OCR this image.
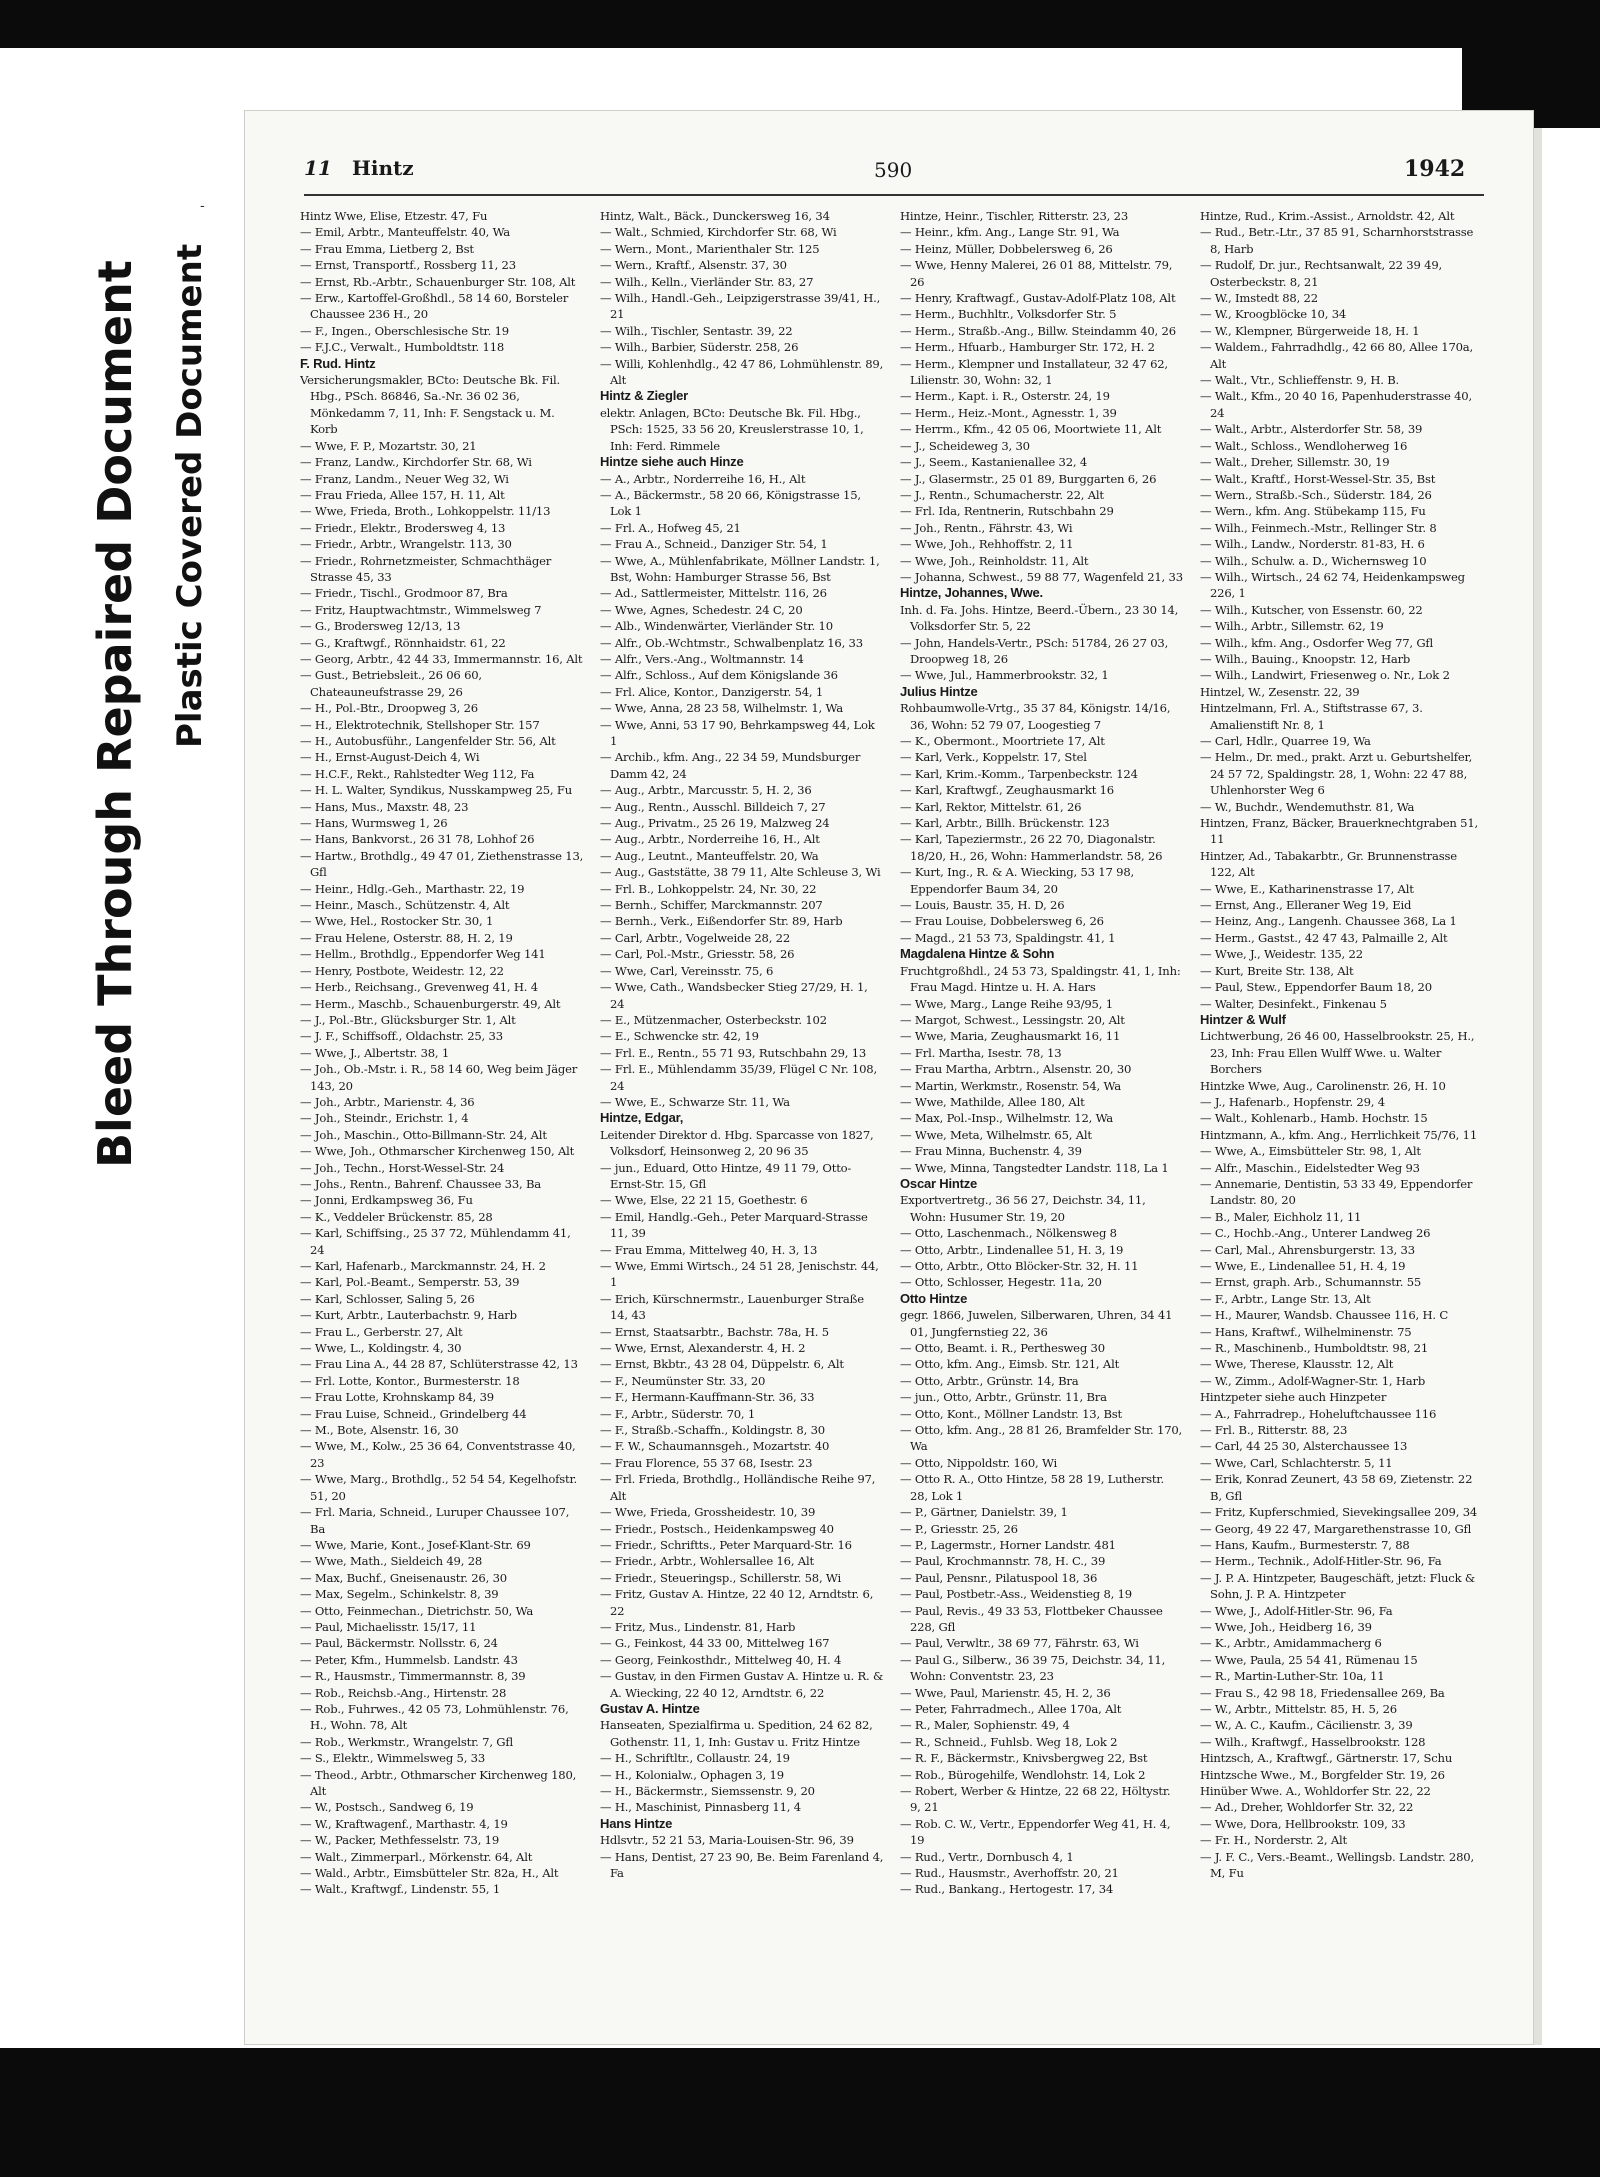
Bleed Through Repaired Document Plastic Covered Document
-
11 Hintz	590	1942
Hintz Wwe, Elise, Etzestr. 47, Fu
— Emil, Arbtr., Manteuffelstr. 40, Wa
— Frau Emma, Lietberg 2, Bst
— Ernst, Transportf., Rossberg 11, 23
— Ernst, Rb.-Arbtr., Schauenburger Str. 108, Alt
— Erw., Kartoffel-Großhdl., 58 14 60, Borsteler Chaussee 236 H., 20
— F., Ingen., Oberschlesische Str. 19
— F.J.C., Verwalt., Humboldtstr. 118
F. Rud. Hintz
Versicherungsmakler, BCto: Deutsche Bk. Fil. Hbg., PSch. 86846, Sa.-Nr. 36 02 36, Mönkedamm 7, 11, Inh: F. Sengstack u. M. Korb
— Wwe, F. P., Mozartstr. 30, 21
— Franz, Landw., Kirchdorfer Str. 68, Wi
— Franz, Landm., Neuer Weg 32, Wi
— Frau Frieda, Allee 157, H. 11, Alt
— Wwe, Frieda, Broth., Lohkoppelstr. 11/13
— Friedr., Elektr., Brodersweg 4, 13
— Friedr., Arbtr., Wrangelstr. 113, 30
— Friedr., Rohrnetzmeister, Schmachthäger Strasse 45, 33
— Friedr., Tischl., Grodmoor 87, Bra
— Fritz, Hauptwachtmstr., Wimmelsweg 7
— G., Brodersweg 12/13, 13
— G., Kraftwgf., Rönnhaidstr. 61, 22
— Georg, Arbtr., 42 44 33, Immermannstr. 16, Alt
— Gust., Betriebsleit., 26 06 60, Chateauneufstrasse 29, 26
— H., Pol.-Btr., Droopweg 3, 26
— H., Elektrotechnik, Stellshoper Str. 157
— H., Autobusführ., Langenfelder Str. 56, Alt
— H., Ernst-August-Deich 4, Wi
— H.C.F., Rekt., Rahlstedter Weg 112, Fa
— H. L. Walter, Syndikus, Nusskampweg 25, Fu
— Hans, Mus., Maxstr. 48, 23
— Hans, Wurmsweg 1, 26
— Hans, Bankvorst., 26 31 78, Lohhof 26
— Hartw., Brothdlg., 49 47 01, Ziethenstrasse 13, Gfl
— Heinr., Hdlg.-Geh., Marthastr. 22, 19
— Heinr., Masch., Schützenstr. 4, Alt
— Wwe, Hel., Rostocker Str. 30, 1
— Frau Helene, Osterstr. 88, H. 2, 19
— Hellm., Brothdlg., Eppendorfer Weg 141
— Henry, Postbote, Weidestr. 12, 22
— Herb., Reichsang., Grevenweg 41, H. 4
— Herm., Maschb., Schauenburgerstr. 49, Alt
— J., Pol.-Btr., Glücksburger Str. 1, Alt
— J. F., Schiffsoff., Oldachstr. 25, 33
— Wwe, J., Albertstr. 38, 1
— Joh., Ob.-Mstr. i. R., 58 14 60, Weg beim Jäger 143, 20
— Joh., Arbtr., Marienstr. 4, 36
— Joh., Steindr., Erichstr. 1, 4
— Joh., Maschin., Otto-Billmann-Str. 24, Alt
— Wwe, Joh., Othmarscher Kirchenweg 150, Alt
— Joh., Techn., Horst-Wessel-Str. 24
— Johs., Rentn., Bahrenf. Chaussee 33, Ba
— Jonni, Erdkampsweg 36, Fu
— K., Veddeler Brückenstr. 85, 28
— Karl, Schiffsing., 25 37 72, Mühlendamm 41, 24
— Karl, Hafenarb., Marckmannstr. 24, H. 2
— Karl, Pol.-Beamt., Semperstr. 53, 39
— Karl, Schlosser, Saling 5, 26
— Kurt, Arbtr., Lauterbachstr. 9, Harb
— Frau L., Gerberstr. 27, Alt
— Wwe, L., Koldingstr. 4, 30
— Frau Lina A., 44 28 87, Schlüterstrasse 42, 13
— Frl. Lotte, Kontor., Burmesterstr. 18
— Frau Lotte, Krohnskamp 84, 39
— Frau Luise, Schneid., Grindelberg 44
— M., Bote, Alsenstr. 16, 30
— Wwe, M., Kolw., 25 36 64, Conventstrasse 40, 23
— Wwe, Marg., Brothdlg., 52 54 54, Kegelhofstr. 51, 20
— Frl. Maria, Schneid., Luruper Chaussee 107, Ba
— Wwe, Marie, Kont., Josef-Klant-Str. 69
— Wwe, Math., Sieldeich 49, 28
— Max, Buchf., Gneisenaustr. 26, 30
— Max, Segelm., Schinkelstr. 8, 39
— Otto, Feinmechan., Dietrichstr. 50, Wa
— Paul, Michaelisstr. 15/17, 11
— Paul, Bäckermstr. Nollsstr. 6, 24
— Peter, Kfm., Hummelsb. Landstr. 43
— R., Hausmstr., Timmermannstr. 8, 39
— Rob., Reichsb.-Ang., Hirtenstr. 28
— Rob., Fuhrwes., 42 05 73, Lohmühlenstr. 76, H., Wohn. 78, Alt
— Rob., Werkmstr., Wrangelstr. 7, Gfl
— S., Elektr., Wimmelsweg 5, 33
— Theod., Arbtr., Othmarscher Kirchenweg 180, Alt
— W., Postsch., Sandweg 6, 19
— W., Kraftwagenf., Marthastr. 4, 19
— W., Packer, Methfesselstr. 73, 19
— Walt., Zimmerparl., Mörkenstr. 64, Alt
— Wald., Arbtr., Eimsbütteler Str. 82a, H., Alt
— Walt., Kraftwgf., Lindenstr. 55, 1
Hintz, Walt., Bäck., Dunckersweg 16, 34
— Walt., Schmied, Kirchdorfer Str. 68, Wi
— Wern., Mont., Marienthaler Str. 125
— Wern., Kraftf., Alsenstr. 37, 30
— Wilh., Kelln., Vierländer Str. 83, 27
— Wilh., Handl.-Geh., Leipzigerstrasse 39/41, H., 21
— Wilh., Tischler, Sentastr. 39, 22
— Wilh., Barbier, Süderstr. 258, 26
— Willi, Kohlenhdlg., 42 47 86, Lohmühlenstr. 89, Alt
Hintz & Ziegler
elektr. Anlagen, BCto: Deutsche Bk. Fil. Hbg., PSch: 1525, 33 56 20, Kreuslerstrasse 10, 1, Inh: Ferd. Rimmele
Hintze siehe auch Hinze
— A., Arbtr., Norderreihe 16, H., Alt
— A., Bäckermstr., 58 20 66, Königstrasse 15, Lok 1
— Frl. A., Hofweg 45, 21
— Frau A., Schneid., Danziger Str. 54, 1
— Wwe, A., Mühlenfabrikate, Möllner Landstr. 1, Bst, Wohn: Hamburger Strasse 56, Bst
— Ad., Sattlermeister, Mittelstr. 116, 26
— Wwe, Agnes, Schedestr. 24 C, 20
— Alb., Windenwärter, Vierländer Str. 10
— Alfr., Ob.-Wchtmstr., Schwalbenplatz 16, 33
— Alfr., Vers.-Ang., Woltmannstr. 14
— Alfr., Schloss., Auf dem Königslande 36
— Frl. Alice, Kontor., Danzigerstr. 54, 1
— Wwe, Anna, 28 23 58, Wilhelmstr. 1, Wa
— Wwe, Anni, 53 17 90, Behrkampsweg 44, Lok 1
— Archib., kfm. Ang., 22 34 59, Mundsburger Damm 42, 24
— Aug., Arbtr., Marcusstr. 5, H. 2, 36
— Aug., Rentn., Ausschl. Billdeich 7, 27
— Aug., Privatm., 25 26 19, Malzweg 24
— Aug., Arbtr., Norderreihe 16, H., Alt
— Aug., Leutnt., Manteuffelstr. 20, Wa
— Aug., Gaststätte, 38 79 11, Alte Schleuse 3, Wi
— Frl. B., Lohkoppelstr. 24, Nr. 30, 22
— Bernh., Schiffer, Marckmannstr. 207
— Bernh., Verk., Eißendorfer Str. 89, Harb
— Carl, Arbtr., Vogelweide 28, 22
— Carl, Pol.-Mstr., Griesstr. 58, 26
— Wwe, Carl, Vereinsstr. 75, 6
— Wwe, Cath., Wandsbecker Stieg 27/29, H. 1, 24
— E., Mützenmacher, Osterbeckstr. 102
— E., Schwencke str. 42, 19
— Frl. E., Rentn., 55 71 93, Rutschbahn 29, 13
— Frl. E., Mühlendamm 35/39, Flügel C Nr. 108, 24
— Wwe, E., Schwarze Str. 11, Wa
Hintze, Edgar,
Leitender Direktor d. Hbg. Sparcasse von 1827, Volksdorf, Heinsonweg 2, 20 96 35
— jun., Eduard, Otto Hintze, 49 11 79, Otto-Ernst-Str. 15, Gfl
— Wwe, Else, 22 21 15, Goethestr. 6
— Emil, Handlg.-Geh., Peter Marquard-Strasse 11, 39
— Frau Emma, Mittelweg 40, H. 3, 13
— Wwe, Emmi Wirtsch., 24 51 28, Jenischstr. 44, 1
— Erich, Kürschnermstr., Lauenburger Straße 14, 43
— Ernst, Staatsarbtr., Bachstr. 78a, H. 5
— Wwe, Ernst, Alexanderstr. 4, H. 2
— Ernst, Bkbtr., 43 28 04, Düppelstr. 6, Alt
— F., Neumünster Str. 33, 20
— F., Hermann-Kauffmann-Str. 36, 33
— F., Arbtr., Süderstr. 70, 1
— F., Straßb.-Schaffn., Koldingstr. 8, 30
— F. W., Schaumannsgeh., Mozartstr. 40
— Frau Florence, 55 37 68, Isestr. 23
— Frl. Frieda, Brothdlg., Holländische Reihe 97, Alt
— Wwe, Frieda, Grossheidestr. 10, 39
— Friedr., Postsch., Heidenkampsweg 40
— Friedr., Schriftts., Peter Marquard-Str. 16
— Friedr., Arbtr., Wohlersallee 16, Alt
— Friedr., Steueringsp., Schillerstr. 58, Wi
— Fritz, Gustav A. Hintze, 22 40 12, Arndtstr. 6, 22
— Fritz, Mus., Lindenstr. 81, Harb
— G., Feinkost, 44 33 00, Mittelweg 167
— Georg, Feinkosthdr., Mittelweg 40, H. 4
— Gustav, in den Firmen Gustav A. Hintze u. R. & A. Wiecking, 22 40 12, Arndtstr. 6, 22
Gustav A. Hintze
Hanseaten, Spezialfirma u. Spedition, 24 62 82, Gothenstr. 11, 1, Inh: Gustav u. Fritz Hintze
— H., Schriftltr., Collaustr. 24, 19
— H., Kolonialw., Ophagen 3, 19
— H., Bäckermstr., Siemssenstr. 9, 20
— H., Maschinist, Pinnasberg 11, 4
Hans Hintze
Hdlsvtr., 52 21 53, Maria-Louisen-Str. 96, 39
— Hans, Dentist, 27 23 90, Be. Beim Farenland 4, Fa
Hintze, Heinr., Tischler, Ritterstr. 23, 23
— Heinr., kfm. Ang., Lange Str. 91, Wa
— Heinz, Müller, Dobbelersweg 6, 26
— Wwe, Henny Malerei, 26 01 88, Mittelstr. 79, 26
— Henry, Kraftwagf., Gustav-Adolf-Platz 108, Alt
— Herm., Buchhltr., Volksdorfer Str. 5
— Herm., Straßb.-Ang., Billw. Steindamm 40, 26
— Herm., Hfuarb., Hamburger Str. 172, H. 2
— Herm., Klempner und Installateur, 32 47 62, Lilienstr. 30, Wohn: 32, 1
— Herm., Kapt. i. R., Osterstr. 24, 19
— Herm., Heiz.-Mont., Agnesstr. 1, 39
— Herrm., Kfm., 42 05 06, Moortwiete 11, Alt
— J., Scheideweg 3, 30
— J., Seem., Kastanienallee 32, 4
— J., Glasermstr., 25 01 89, Burggarten 6, 26
— J., Rentn., Schumacherstr. 22, Alt
— Frl. Ida, Rentnerin, Rutschbahn 29
— Joh., Rentn., Fährstr. 43, Wi
— Wwe, Joh., Rehhoffstr. 2, 11
— Wwe, Joh., Reinholdstr. 11, Alt
— Johanna, Schwest., 59 88 77, Wagenfeld 21, 33
Hintze, Johannes, Wwe.
Inh. d. Fa. Johs. Hintze, Beerd.-Übern., 23 30 14, Volksdorfer Str. 5, 22
— John, Handels-Vertr., PSch: 51784, 26 27 03, Droopweg 18, 26
— Wwe, Jul., Hammerbrookstr. 32, 1
Julius Hintze
Rohbaumwolle-Vrtg., 35 37 84, Königstr. 14/16, 36, Wohn: 52 79 07, Loogestieg 7
— K., Obermont., Moortriete 17, Alt
— Karl, Verk., Koppelstr. 17, Stel
— Karl, Krim.-Komm., Tarpenbeckstr. 124
— Karl, Kraftwgf., Zeughausmarkt 16
— Karl, Rektor, Mittelstr. 61, 26
— Karl, Arbtr., Billh. Brückenstr. 123
— Karl, Tapeziermstr., 26 22 70, Diagonalstr. 18/20, H., 26, Wohn: Hammerlandstr. 58, 26
— Kurt, Ing., R. & A. Wiecking, 53 17 98, Eppendorfer Baum 34, 20
— Louis, Baustr. 35, H. D, 26
— Frau Louise, Dobbelersweg 6, 26
— Magd., 21 53 73, Spaldingstr. 41, 1
Magdalena Hintze & Sohn
Fruchtgroßhdl., 24 53 73, Spaldingstr. 41, 1, Inh: Frau Magd. Hintze u. H. A. Hars
— Wwe, Marg., Lange Reihe 93/95, 1
— Margot, Schwest., Lessingstr. 20, Alt
— Wwe, Maria, Zeughausmarkt 16, 11
— Frl. Martha, Isestr. 78, 13
— Frau Martha, Arbtrn., Alsenstr. 20, 30
— Martin, Werkmstr., Rosenstr. 54, Wa
— Wwe, Mathilde, Allee 180, Alt
— Max, Pol.-Insp., Wilhelmstr. 12, Wa
— Wwe, Meta, Wilhelmstr. 65, Alt
— Frau Minna, Buchenstr. 4, 39
— Wwe, Minna, Tangstedter Landstr. 118, La 1
Oscar Hintze
Exportvertretg., 36 56 27, Deichstr. 34, 11, Wohn: Husumer Str. 19, 20
— Otto, Laschenmach., Nölkensweg 8
— Otto, Arbtr., Lindenallee 51, H. 3, 19
— Otto, Arbtr., Otto Blöcker-Str. 32, H. 11
— Otto, Schlosser, Hegestr. 11a, 20
Otto Hintze
gegr. 1866, Juwelen, Silberwaren, Uhren, 34 41 01, Jungfernstieg 22, 36
— Otto, Beamt. i. R., Perthesweg 30
— Otto, kfm. Ang., Eimsb. Str. 121, Alt
— Otto, Arbtr., Grünstr. 14, Bra
— jun., Otto, Arbtr., Grünstr. 11, Bra
— Otto, Kont., Möllner Landstr. 13, Bst
— Otto, kfm. Ang., 28 81 26, Bramfelder Str. 170, Wa
— Otto, Nippoldstr. 160, Wi
— Otto R. A., Otto Hintze, 58 28 19, Lutherstr. 28, Lok 1
— P., Gärtner, Danielstr. 39, 1
— P., Griesstr. 25, 26
— P., Lagermstr., Horner Landstr. 481
— Paul, Krochmannstr. 78, H. C., 39
— Paul, Pensnr., Pilatuspool 18, 36
— Paul, Postbetr.-Ass., Weidenstieg 8, 19
— Paul, Revis., 49 33 53, Flottbeker Chaussee 228, Gfl
— Paul, Verwltr., 38 69 77, Fährstr. 63, Wi
— Paul G., Silberw., 36 39 75, Deichstr. 34, 11, Wohn: Conventstr. 23, 23
— Wwe, Paul, Marienstr. 45, H. 2, 36
— Peter, Fahrradmech., Allee 170a, Alt
— R., Maler, Sophienstr. 49, 4
— R., Schneid., Fuhlsb. Weg 18, Lok 2
— R. F., Bäckermstr., Knivsbergweg 22, Bst
— Rob., Bürogehilfe, Wendlohstr. 14, Lok 2
— Robert, Werber & Hintze, 22 68 22, Höltystr. 9, 21
— Rob. C. W., Vertr., Eppendorfer Weg 41, H. 4, 19
— Rud., Vertr., Dornbusch 4, 1
— Rud., Hausmstr., Averhoffstr. 20, 21
— Rud., Bankang., Hertogestr. 17, 34
Hintze, Rud., Krim.-Assist., Arnoldstr. 42, Alt
— Rud., Betr.-Ltr., 37 85 91, Scharnhorststrasse 8, Harb
— Rudolf, Dr. jur., Rechtsanwalt, 22 39 49, Osterbeckstr. 8, 21
— W., Imstedt 88, 22
— W., Kroogblöcke 10, 34
— W., Klempner, Bürgerweide 18, H. 1
— Waldem., Fahrradhdlg., 42 66 80, Allee 170a, Alt
— Walt., Vtr., Schlieffenstr. 9, H. B.
— Walt., Kfm., 20 40 16, Papenhuderstrasse 40, 24
— Walt., Arbtr., Alsterdorfer Str. 58, 39
— Walt., Schloss., Wendloherweg 16
— Walt., Dreher, Sillemstr. 30, 19
— Walt., Kraftf., Horst-Wessel-Str. 35, Bst
— Wern., Straßb.-Sch., Süderstr. 184, 26
— Wern., kfm. Ang. Stübekamp 115, Fu
— Wilh., Feinmech.-Mstr., Rellinger Str. 8
— Wilh., Landw., Norderstr. 81-83, H. 6
— Wilh., Schulw. a. D., Wichernsweg 10
— Wilh., Wirtsch., 24 62 74, Heidenkampsweg 226, 1
— Wilh., Kutscher, von Essenstr. 60, 22
— Wilh., Arbtr., Sillemstr. 62, 19
— Wilh., kfm. Ang., Osdorfer Weg 77, Gfl
— Wilh., Bauing., Knoopstr. 12, Harb
— Wilh., Landwirt, Friesenweg o. Nr., Lok 2
Hintzel, W., Zesenstr. 22, 39
Hintzelmann, Frl. A., Stiftstrasse 67, 3. Amalienstift Nr. 8, 1
— Carl, Hdlr., Quarree 19, Wa
— Helm., Dr. med., prakt. Arzt u. Geburtshelfer, 24 57 72, Spaldingstr. 28, 1, Wohn: 22 47 88, Uhlenhorster Weg 6
— W., Buchdr., Wendemuthstr. 81, Wa
Hintzen, Franz, Bäcker, Brauerknechtgraben 51, 11
Hintzer, Ad., Tabakarbtr., Gr. Brunnenstrasse 122, Alt
— Wwe, E., Katharinenstrasse 17, Alt
— Ernst, Ang., Elleraner Weg 19, Eid
— Heinz, Ang., Langenh. Chaussee 368, La 1
— Herm., Gastst., 42 47 43, Palmaille 2, Alt
— Wwe, J., Weidestr. 135, 22
— Kurt, Breite Str. 138, Alt
— Paul, Stew., Eppendorfer Baum 18, 20
— Walter, Desinfekt., Finkenau 5
Hintzer & Wulf
Lichtwerbung, 26 46 00, Hasselbrookstr. 25, H., 23, Inh: Frau Ellen Wulff Wwe. u. Walter Borchers
Hintzke Wwe, Aug., Carolinenstr. 26, H. 10
— J., Hafenarb., Hopfenstr. 29, 4
— Walt., Kohlenarb., Hamb. Hochstr. 15
Hintzmann, A., kfm. Ang., Herrlichkeit 75/76, 11
— Wwe, A., Eimsbütteler Str. 98, 1, Alt
— Alfr., Maschin., Eidelstedter Weg 93
— Annemarie, Dentistin, 53 33 49, Eppendorfer Landstr. 80, 20
— B., Maler, Eichholz 11, 11
— C., Hochb.-Ang., Unterer Landweg 26
— Carl, Mal., Ahrensburgerstr. 13, 33
— Wwe, E., Lindenallee 51, H. 4, 19
— Ernst, graph. Arb., Schumannstr. 55
— F., Arbtr., Lange Str. 13, Alt
— H., Maurer, Wandsb. Chaussee 116, H. C
— Hans, Kraftwf., Wilhelminenstr. 75
— R., Maschinenb., Humboldtstr. 98, 21
— Wwe, Therese, Klausstr. 12, Alt
— W., Zimm., Adolf-Wagner-Str. 1, Harb
Hintzpeter siehe auch Hinzpeter
— A., Fahrradrep., Hoheluftchaussee 116
— Frl. B., Ritterstr. 88, 23
— Carl, 44 25 30, Alsterchaussee 13
— Wwe, Carl, Schlachterstr. 5, 11
— Erik, Konrad Zeunert, 43 58 69, Zietenstr. 22 B, Gfl
— Fritz, Kupferschmied, Sievekingsallee 209, 34
— Georg, 49 22 47, Margarethenstrasse 10, Gfl
— Hans, Kaufm., Burmesterstr. 7, 88
— Herm., Technik., Adolf-Hitler-Str. 96, Fa
— J. P. A. Hintzpeter, Baugeschäft, jetzt: Fluck & Sohn, J. P. A. Hintzpeter
— Wwe, J., Adolf-Hitler-Str. 96, Fa
— Wwe, Joh., Heidberg 16, 39
— K., Arbtr., Amidammacherg 6
— Wwe, Paula, 25 54 41, Rümenau 15
— R., Martin-Luther-Str. 10a, 11
— Frau S., 42 98 18, Friedensallee 269, Ba
— W., Arbtr., Mittelstr. 85, H. 5, 26
— W., A. C., Kaufm., Cäcilienstr. 3, 39
— Wilh., Kraftwgf., Hasselbrookstr. 128
Hintzsch, A., Kraftwgf., Gärtnerstr. 17, Schu
Hintzsche Wwe., M., Borgfelder Str. 19, 26
Hinüber Wwe. A., Wohldorfer Str. 22, 22
— Ad., Dreher, Wohldorfer Str. 32, 22
— Wwe, Dora, Hellbrookstr. 109, 33
— Fr. H., Norderstr. 2, Alt
— J. F. C., Vers.-Beamt., Wellingsb. Landstr. 280, M, Fu
